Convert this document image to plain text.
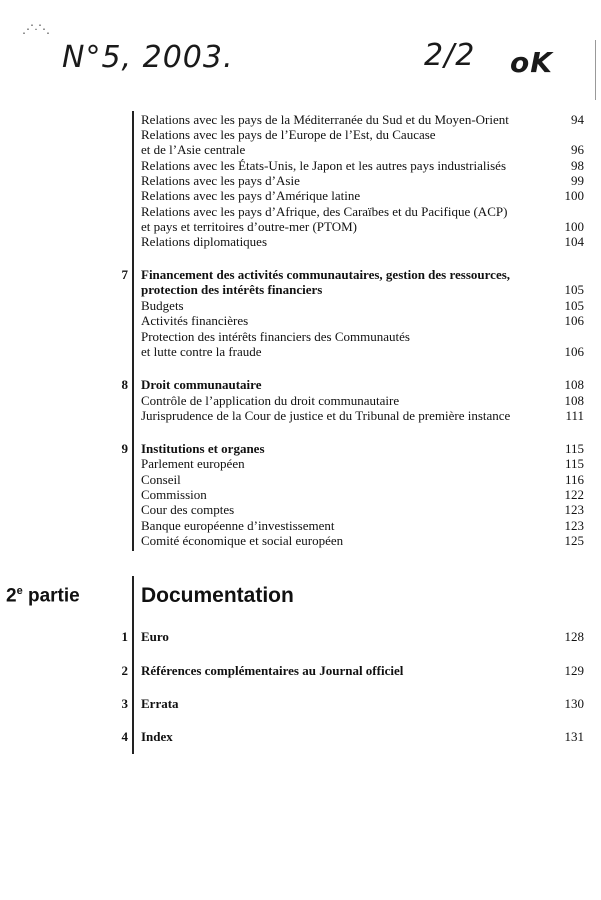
⋰·⋱
N°5, 2003.	2/2 oK
Relations avec les pays de la Méditerranée du Sud et du Moyen-Orient	94
Relations avec les pays de l’Europe de l’Est, du Caucase
et de l’Asie centrale	96
Relations avec les États-Unis, le Japon et les autres pays industrialisés	98
Relations avec les pays d’Asie	99
Relations avec les pays d’Amérique latine	100
Relations avec les pays d’Afrique, des Caraïbes et du Pacifique (ACP)
et pays et territoires d’outre-mer (PTOM)	100
Relations diplomatiques	104
7 Financement des activités communautaires, gestion des ressources,
protection des intérêts financiers	105
Budgets	105
Activités financières	106
Protection des intérêts financiers des Communautés
et lutte contre la fraude	106
8 Droit communautaire	108
Contrôle de l’application du droit communautaire	108
Jurisprudence de la Cour de justice et du Tribunal de première instance	111
9 Institutions et organes	115
Parlement européen	115
Conseil	116
Commission	122
Cour des comptes	123
Banque européenne d’investissement	123
Comité économique et social européen	125
2e partie	Documentation
1 Euro	128
2 Références complémentaires au Journal officiel	129
3 Errata	130
4 Index	131
